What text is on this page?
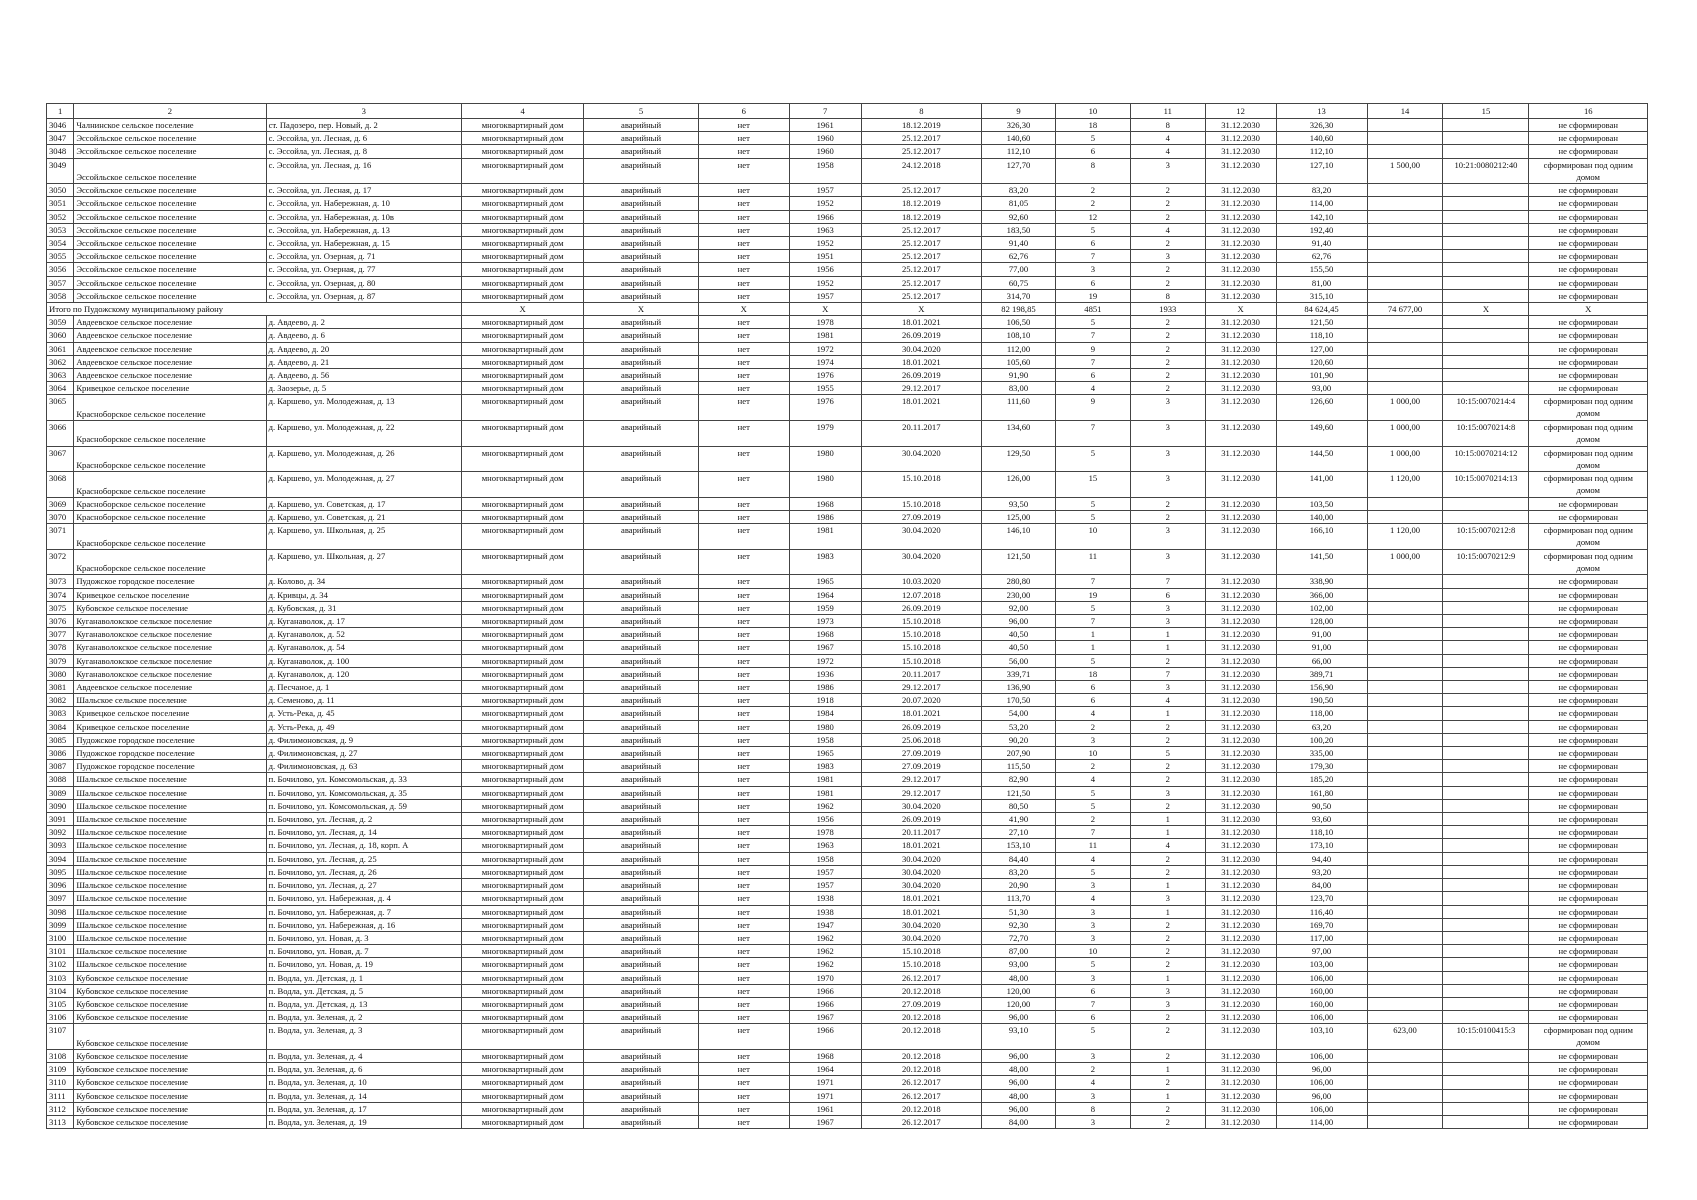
1	2	3	4	5	6	7	8	9	10	11	12	13	14	15	16
3046	Чалнинское сельское поселение	ст. Падозеро, пер. Новый, д. 2	многоквартирный дом	аварийный	нет	1961	18.12.2019	326,30	18	8	31.12.2030	326,30			не сформирован
3047	Эссойльское сельское поселение	с. Эссойла, ул. Лесная, д. 6	многоквартирный дом	аварийный	нет	1960	25.12.2017	140,60	5	4	31.12.2030	140,60			не сформирован
3048	Эссойльское сельское поселение	с. Эссойла, ул. Лесная, д. 8	многоквартирный дом	аварийный	нет	1960	25.12.2017	112,10	6	4	31.12.2030	112,10			не сформирован
3049	Эссойльское сельское поселение	с. Эссойла, ул. Лесная, д. 16	многоквартирный дом	аварийный	нет	1958	24.12.2018	127,70	8	3	31.12.2030	127,10	1 500,00	10:21:0080212:40	сформирован под одним домом
3050	Эссойльское сельское поселение	с. Эссойла, ул. Лесная, д. 17	многоквартирный дом	аварийный	нет	1957	25.12.2017	83,20	2	2	31.12.2030	83,20			не сформирован
3051	Эссойльское сельское поселение	с. Эссойла, ул. Набережная, д. 10	многоквартирный дом	аварийный	нет	1952	18.12.2019	81,05	2	2	31.12.2030	114,00			не сформирован
3052	Эссойльское сельское поселение	с. Эссойла, ул. Набережная, д. 10в	многоквартирный дом	аварийный	нет	1966	18.12.2019	92,60	12	2	31.12.2030	142,10			не сформирован
3053	Эссойльское сельское поселение	с. Эссойла, ул. Набережная, д. 13	многоквартирный дом	аварийный	нет	1963	25.12.2017	183,50	5	4	31.12.2030	192,40			не сформирован
3054	Эссойльское сельское поселение	с. Эссойла, ул. Набережная, д. 15	многоквартирный дом	аварийный	нет	1952	25.12.2017	91,40	6	2	31.12.2030	91,40			не сформирован
3055	Эссойльское сельское поселение	с. Эссойла, ул. Озерная, д. 71	многоквартирный дом	аварийный	нет	1951	25.12.2017	62,76	7	3	31.12.2030	62,76			не сформирован
3056	Эссойльское сельское поселение	с. Эссойла, ул. Озерная, д. 77	многоквартирный дом	аварийный	нет	1956	25.12.2017	77,00	3	2	31.12.2030	155,50			не сформирован
3057	Эссойльское сельское поселение	с. Эссойла, ул. Озерная, д. 80	многоквартирный дом	аварийный	нет	1952	25.12.2017	60,75	6	2	31.12.2030	81,00			не сформирован
3058	Эссойльское сельское поселение	с. Эссойла, ул. Озерная, д. 87	многоквартирный дом	аварийный	нет	1957	25.12.2017	314,70	19	8	31.12.2030	315,10			не сформирован
Итого по Пудожскому муниципальному району			X	X	X	X	X	82 198,85	4851	1933	X	84 624,45	74 677,00	X	X
3059	Авдеевское сельское поселение	д. Авдеево, д. 2	многоквартирный дом	аварийный	нет	1978	18.01.2021	106,50	5	2	31.12.2030	121,50			не сформирован
3060	Авдеевское сельское поселение	д. Авдеево, д. 6	многоквартирный дом	аварийный	нет	1981	26.09.2019	108,10	7	2	31.12.2030	118,10			не сформирован
3061	Авдеевское сельское поселение	д. Авдеево, д. 20	многоквартирный дом	аварийный	нет	1972	30.04.2020	112,00	9	2	31.12.2030	127,00			не сформирован
3062	Авдеевское сельское поселение	д. Авдеево, д. 21	многоквартирный дом	аварийный	нет	1974	18.01.2021	105,60	7	2	31.12.2030	120,60			не сформирован
3063	Авдеевское сельское поселение	д. Авдеево, д. 56	многоквартирный дом	аварийный	нет	1976	26.09.2019	91,90	6	2	31.12.2030	101,90			не сформирован
3064	Кривецкое сельское поселение	д. Заозерье, д. 5	многоквартирный дом	аварийный	нет	1955	29.12.2017	83,00	4	2	31.12.2030	93,00			не сформирован
3065	Красноборское сельское поселение	д. Каршево, ул. Молодежная, д. 13	многоквартирный дом	аварийный	нет	1976	18.01.2021	111,60	9	3	31.12.2030	126,60	1 000,00	10:15:0070214:4	сформирован под одним домом
3066	Красноборское сельское поселение	д. Каршево, ул. Молодежная, д. 22	многоквартирный дом	аварийный	нет	1979	20.11.2017	134,60	7	3	31.12.2030	149,60	1 000,00	10:15:0070214:8	сформирован под одним домом
3067	Красноборское сельское поселение	д. Каршево, ул. Молодежная, д. 26	многоквартирный дом	аварийный	нет	1980	30.04.2020	129,50	5	3	31.12.2030	144,50	1 000,00	10:15:0070214:12	сформирован под одним домом
3068	Красноборское сельское поселение	д. Каршево, ул. Молодежная, д. 27	многоквартирный дом	аварийный	нет	1980	15.10.2018	126,00	15	3	31.12.2030	141,00	1 120,00	10:15:0070214:13	сформирован под одним домом
3069	Красноборское сельское поселение	д. Каршево, ул. Советская, д. 17	многоквартирный дом	аварийный	нет	1968	15.10.2018	93,50	5	2	31.12.2030	103,50			не сформирован
3070	Красноборское сельское поселение	д. Каршево, ул. Советская, д. 21	многоквартирный дом	аварийный	нет	1986	27.09.2019	125,00	5	2	31.12.2030	140,00			не сформирован
3071	Красноборское сельское поселение	д. Каршево, ул. Школьная, д. 25	многоквартирный дом	аварийный	нет	1981	30.04.2020	146,10	10	3	31.12.2030	166,10	1 120,00	10:15:0070212:8	сформирован под одним домом
3072	Красноборское сельское поселение	д. Каршево, ул. Школьная, д. 27	многоквартирный дом	аварийный	нет	1983	30.04.2020	121,50	11	3	31.12.2030	141,50	1 000,00	10:15:0070212:9	сформирован под одним домом
3073	Пудожское городское поселение	д. Колово, д. 34	многоквартирный дом	аварийный	нет	1965	10.03.2020	280,80	7	7	31.12.2030	338,90			не сформирован
3074	Кривецкое сельское поселение	д. Кривцы, д. 34	многоквартирный дом	аварийный	нет	1964	12.07.2018	230,00	19	6	31.12.2030	366,00			не сформирован
3075	Кубовское сельское поселение	д. Кубовская, д. 31	многоквартирный дом	аварийный	нет	1959	26.09.2019	92,00	5	3	31.12.2030	102,00			не сформирован
3076	Куганаволокское сельское поселение	д. Куганаволок, д. 17	многоквартирный дом	аварийный	нет	1973	15.10.2018	96,00	7	3	31.12.2030	128,00			не сформирован
3077	Куганаволокское сельское поселение	д. Куганаволок, д. 52	многоквартирный дом	аварийный	нет	1968	15.10.2018	40,50	1	1	31.12.2030	91,00			не сформирован
3078	Куганаволокское сельское поселение	д. Куганаволок, д. 54	многоквартирный дом	аварийный	нет	1967	15.10.2018	40,50	1	1	31.12.2030	91,00			не сформирован
3079	Куганаволокское сельское поселение	д. Куганаволок, д. 100	многоквартирный дом	аварийный	нет	1972	15.10.2018	56,00	5	2	31.12.2030	66,00			не сформирован
3080	Куганаволокское сельское поселение	д. Куганаволок, д. 120	многоквартирный дом	аварийный	нет	1936	20.11.2017	339,71	18	7	31.12.2030	389,71			не сформирован
3081	Авдеевское сельское поселение	д. Песчаное, д. 1	многоквартирный дом	аварийный	нет	1986	29.12.2017	136,90	6	3	31.12.2030	156,90			не сформирован
3082	Шальское сельское поселение	д. Семеново, д. 11	многоквартирный дом	аварийный	нет	1918	20.07.2020	170,50	6	4	31.12.2030	190,50			не сформирован
3083	Кривецкое сельское поселение	д. Усть-Река, д. 45	многоквартирный дом	аварийный	нет	1984	18.01.2021	54,00	4	1	31.12.2030	118,00			не сформирован
3084	Кривецкое сельское поселение	д. Усть-Река, д. 49	многоквартирный дом	аварийный	нет	1980	26.09.2019	53,20	2	2	31.12.2030	63,20			не сформирован
3085	Пудожское городское поселение	д. Филимоновская, д. 9	многоквартирный дом	аварийный	нет	1958	25.06.2018	90,20	3	2	31.12.2030	100,20			не сформирован
3086	Пудожское городское поселение	д. Филимоновская, д. 27	многоквартирный дом	аварийный	нет	1965	27.09.2019	207,90	10	5	31.12.2030	335,00			не сформирован
3087	Пудожское городское поселение	д. Филимоновская, д. 63	многоквартирный дом	аварийный	нет	1983	27.09.2019	115,50	2	2	31.12.2030	179,30			не сформирован
3088	Шальское сельское поселение	п. Бочилово, ул. Комсомольская, д. 33	многоквартирный дом	аварийный	нет	1981	29.12.2017	82,90	4	2	31.12.2030	185,20			не сформирован
3089	Шальское сельское поселение	п. Бочилово, ул. Комсомольская, д. 35	многоквартирный дом	аварийный	нет	1981	29.12.2017	121,50	5	3	31.12.2030	161,80			не сформирован
3090	Шальское сельское поселение	п. Бочилово, ул. Комсомольская, д. 59	многоквартирный дом	аварийный	нет	1962	30.04.2020	80,50	5	2	31.12.2030	90,50			не сформирован
3091	Шальское сельское поселение	п. Бочилово, ул. Лесная, д. 2	многоквартирный дом	аварийный	нет	1956	26.09.2019	41,90	2	1	31.12.2030	93,60			не сформирован
3092	Шальское сельское поселение	п. Бочилово, ул. Лесная, д. 14	многоквартирный дом	аварийный	нет	1978	20.11.2017	27,10	7	1	31.12.2030	118,10			не сформирован
3093	Шальское сельское поселение	п. Бочилово, ул. Лесная, д. 18, корп. А	многоквартирный дом	аварийный	нет	1963	18.01.2021	153,10	11	4	31.12.2030	173,10			не сформирован
3094	Шальское сельское поселение	п. Бочилово, ул. Лесная, д. 25	многоквартирный дом	аварийный	нет	1958	30.04.2020	84,40	4	2	31.12.2030	94,40			не сформирован
3095	Шальское сельское поселение	п. Бочилово, ул. Лесная, д. 26	многоквартирный дом	аварийный	нет	1957	30.04.2020	83,20	5	2	31.12.2030	93,20			не сформирован
3096	Шальское сельское поселение	п. Бочилово, ул. Лесная, д. 27	многоквартирный дом	аварийный	нет	1957	30.04.2020	20,90	3	1	31.12.2030	84,00			не сформирован
3097	Шальское сельское поселение	п. Бочилово, ул. Набережная, д. 4	многоквартирный дом	аварийный	нет	1938	18.01.2021	113,70	4	3	31.12.2030	123,70			не сформирован
3098	Шальское сельское поселение	п. Бочилово, ул. Набережная, д. 7	многоквартирный дом	аварийный	нет	1938	18.01.2021	51,30	3	1	31.12.2030	116,40			не сформирован
3099	Шальское сельское поселение	п. Бочилово, ул. Набережная, д. 16	многоквартирный дом	аварийный	нет	1947	30.04.2020	92,30	3	2	31.12.2030	169,70			не сформирован
3100	Шальское сельское поселение	п. Бочилово, ул. Новая, д. 3	многоквартирный дом	аварийный	нет	1962	30.04.2020	72,70	3	2	31.12.2030	117,00			не сформирован
3101	Шальское сельское поселение	п. Бочилово, ул. Новая, д. 7	многоквартирный дом	аварийный	нет	1962	15.10.2018	87,00	10	2	31.12.2030	97,00			не сформирован
3102	Шальское сельское поселение	п. Бочилово, ул. Новая, д. 19	многоквартирный дом	аварийный	нет	1962	15.10.2018	93,00	5	2	31.12.2030	103,00			не сформирован
3103	Кубовское сельское поселение	п. Водла, ул. Детская, д. 1	многоквартирный дом	аварийный	нет	1970	26.12.2017	48,00	3	1	31.12.2030	106,00			не сформирован
3104	Кубовское сельское поселение	п. Водла, ул. Детская, д. 5	многоквартирный дом	аварийный	нет	1966	20.12.2018	120,00	6	3	31.12.2030	160,00			не сформирован
3105	Кубовское сельское поселение	п. Водла, ул. Детская, д. 13	многоквартирный дом	аварийный	нет	1966	27.09.2019	120,00	7	3	31.12.2030	160,00			не сформирован
3106	Кубовское сельское поселение	п. Водла, ул. Зеленая, д. 2	многоквартирный дом	аварийный	нет	1967	20.12.2018	96,00	6	2	31.12.2030	106,00			не сформирован
3107	Кубовское сельское поселение	п. Водла, ул. Зеленая, д. 3	многоквартирный дом	аварийный	нет	1966	20.12.2018	93,10	5	2	31.12.2030	103,10	623,00	10:15:0100415:3	сформирован под одним домом
3108	Кубовское сельское поселение	п. Водла, ул. Зеленая, д. 4	многоквартирный дом	аварийный	нет	1968	20.12.2018	96,00	3	2	31.12.2030	106,00			не сформирован
3109	Кубовское сельское поселение	п. Водла, ул. Зеленая, д. 6	многоквартирный дом	аварийный	нет	1964	20.12.2018	48,00	2	1	31.12.2030	96,00			не сформирован
3110	Кубовское сельское поселение	п. Водла, ул. Зеленая, д. 10	многоквартирный дом	аварийный	нет	1971	26.12.2017	96,00	4	2	31.12.2030	106,00			не сформирован
3111	Кубовское сельское поселение	п. Водла, ул. Зеленая, д. 14	многоквартирный дом	аварийный	нет	1971	26.12.2017	48,00	3	1	31.12.2030	96,00			не сформирован
3112	Кубовское сельское поселение	п. Водла, ул. Зеленая, д. 17	многоквартирный дом	аварийный	нет	1961	20.12.2018	96,00	8	2	31.12.2030	106,00			не сформирован
3113	Кубовское сельское поселение	п. Водла, ул. Зеленая, д. 19	многоквартирный дом	аварийный	нет	1967	26.12.2017	84,00	3	2	31.12.2030	114,00			не сформирован
